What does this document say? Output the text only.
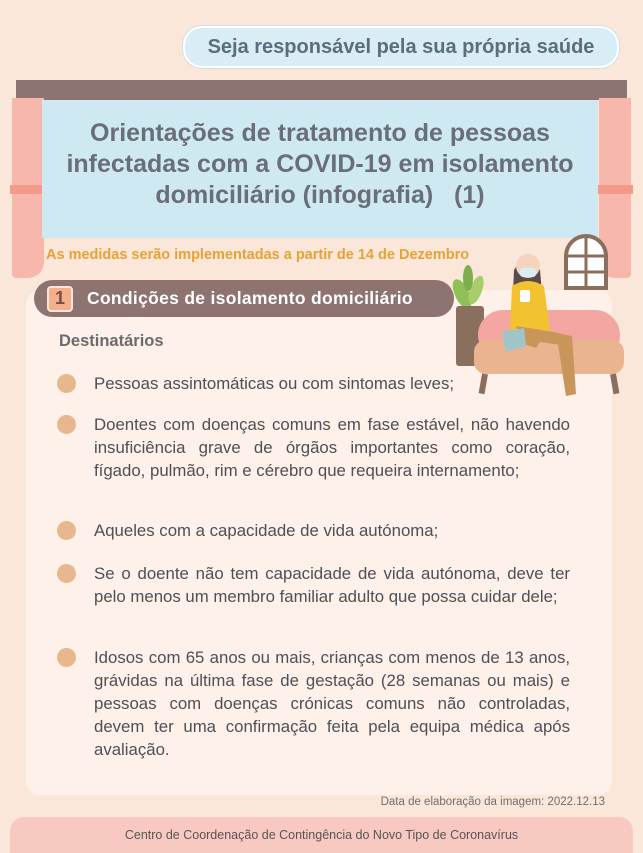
Seja responsável pela sua própria saúde
Orientações de tratamento de pessoas
infectadas com a COVID-19 em isolamento
domiciliário (infografia)   (1)
As medidas serão implementadas a partir de 14 de Dezembro
1	Condições de isolamento domiciliário
Destinatários
Pessoas assintomáticas ou com sintomas leves;
Doentes com doenças comuns em fase estável, não havendo insuficiência grave de órgãos importantes como coração, fígado, pulmão, rim e cérebro que requeira internamento;
Aqueles com a capacidade de vida autónoma;
Se o doente não tem capacidade de vida autónoma, deve ter pelo menos um membro familiar adulto que possa cuidar dele;
Idosos com 65 anos ou mais, crianças com menos de 13 anos, grávidas na última fase de gestação (28 semanas ou mais) e pessoas com doenças crónicas comuns não controladas, devem ter uma confirmação feita pela equipa médica após avaliação.
Data de elaboração da imagem: 2022.12.13
Centro de Coordenação de Contingência do Novo Tipo de Coronavírus
